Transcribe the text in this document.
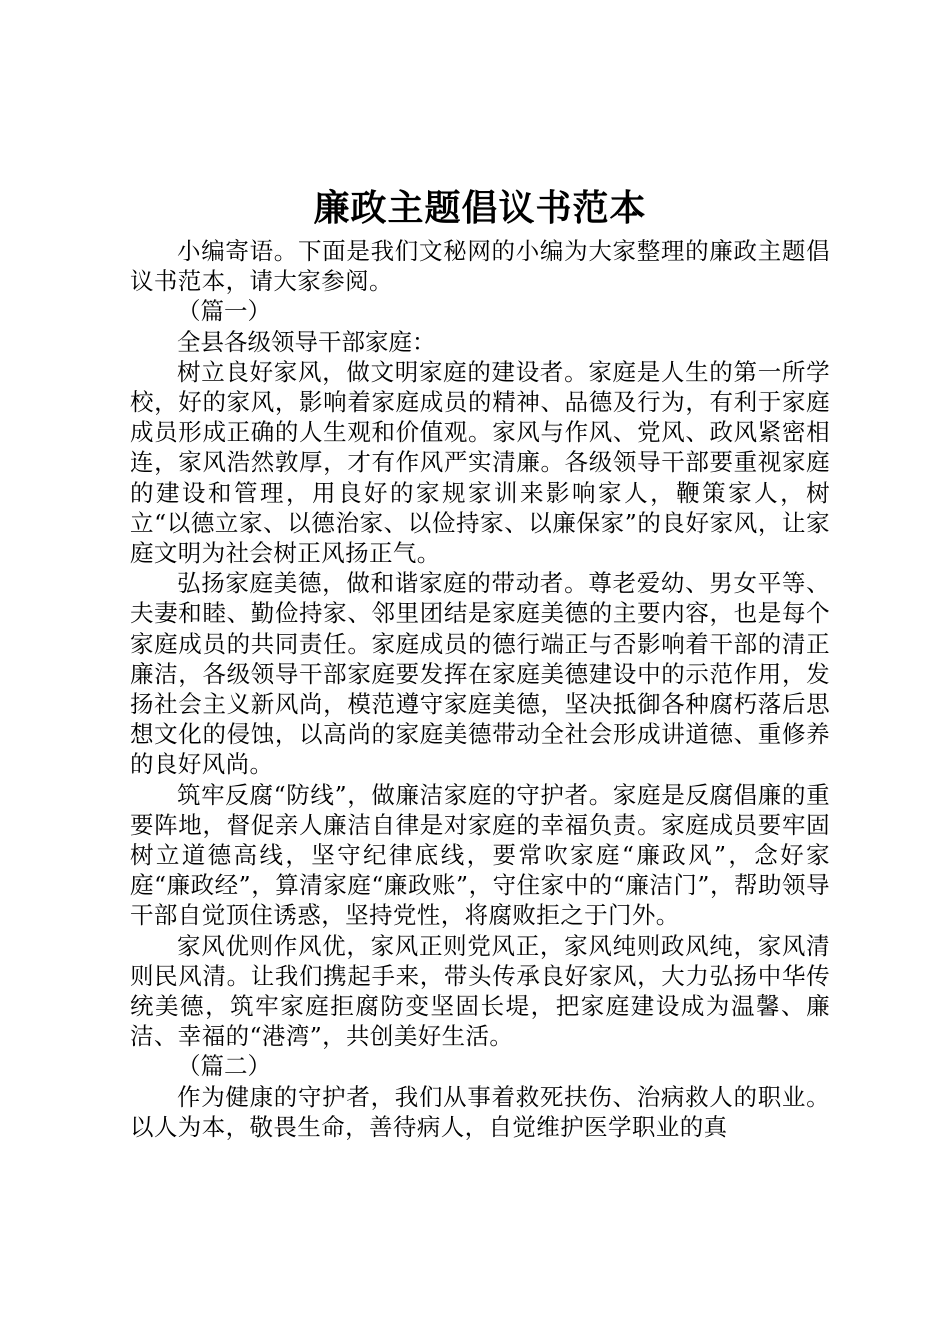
廉政主题倡议书范本

小编寄语。下面是我们文秘网的小编为大家整理的廉政主题倡议书范本，请大家参阅。

（篇一）

全县各级领导干部家庭：

树立良好家风，做文明家庭的建设者。家庭是人生的第一所学校，好的家风，影响着家庭成员的精神、品德及行为，有利于家庭成员形成正确的人生观和价值观。家风与作风、党风、政风紧密相连，家风浩然敦厚，才有作风严实清廉。各级领导干部要重视家庭的建设和管理，用良好的家规家训来影响家人，鞭策家人，树立“以德立家、以德治家、以俭持家、以廉保家”的良好家风，让家庭文明为社会树正风扬正气。

弘扬家庭美德，做和谐家庭的带动者。尊老爱幼、男女平等、夫妻和睦、勤俭持家、邻里团结是家庭美德的主要内容，也是每个家庭成员的共同责任。家庭成员的德行端正与否影响着干部的清正廉洁，各级领导干部家庭要发挥在家庭美德建设中的示范作用，发扬社会主义新风尚，模范遵守家庭美德，坚决抵御各种腐朽落后思想文化的侵蚀，以高尚的家庭美德带动全社会形成讲道德、重修养的良好风尚。

筑牢反腐“防线”，做廉洁家庭的守护者。家庭是反腐倡廉的重要阵地，督促亲人廉洁自律是对家庭的幸福负责。家庭成员要牢固树立道德高线，坚守纪律底线，要常吹家庭“廉政风”，念好家庭“廉政经”，算清家庭“廉政账”，守住家中的“廉洁门”，帮助领导干部自觉顶住诱惑，坚持党性，将腐败拒之于门外。

家风优则作风优，家风正则党风正，家风纯则政风纯，家风清则民风清。让我们携起手来，带头传承良好家风，大力弘扬中华传统美德，筑牢家庭拒腐防变坚固长堤，把家庭建设成为温馨、廉洁、幸福的“港湾”，共创美好生活。

（篇二）

作为健康的守护者，我们从事着救死扶伤、治病救人的职业。以人为本，敬畏生命，善待病人，自觉维护医学职业的真
